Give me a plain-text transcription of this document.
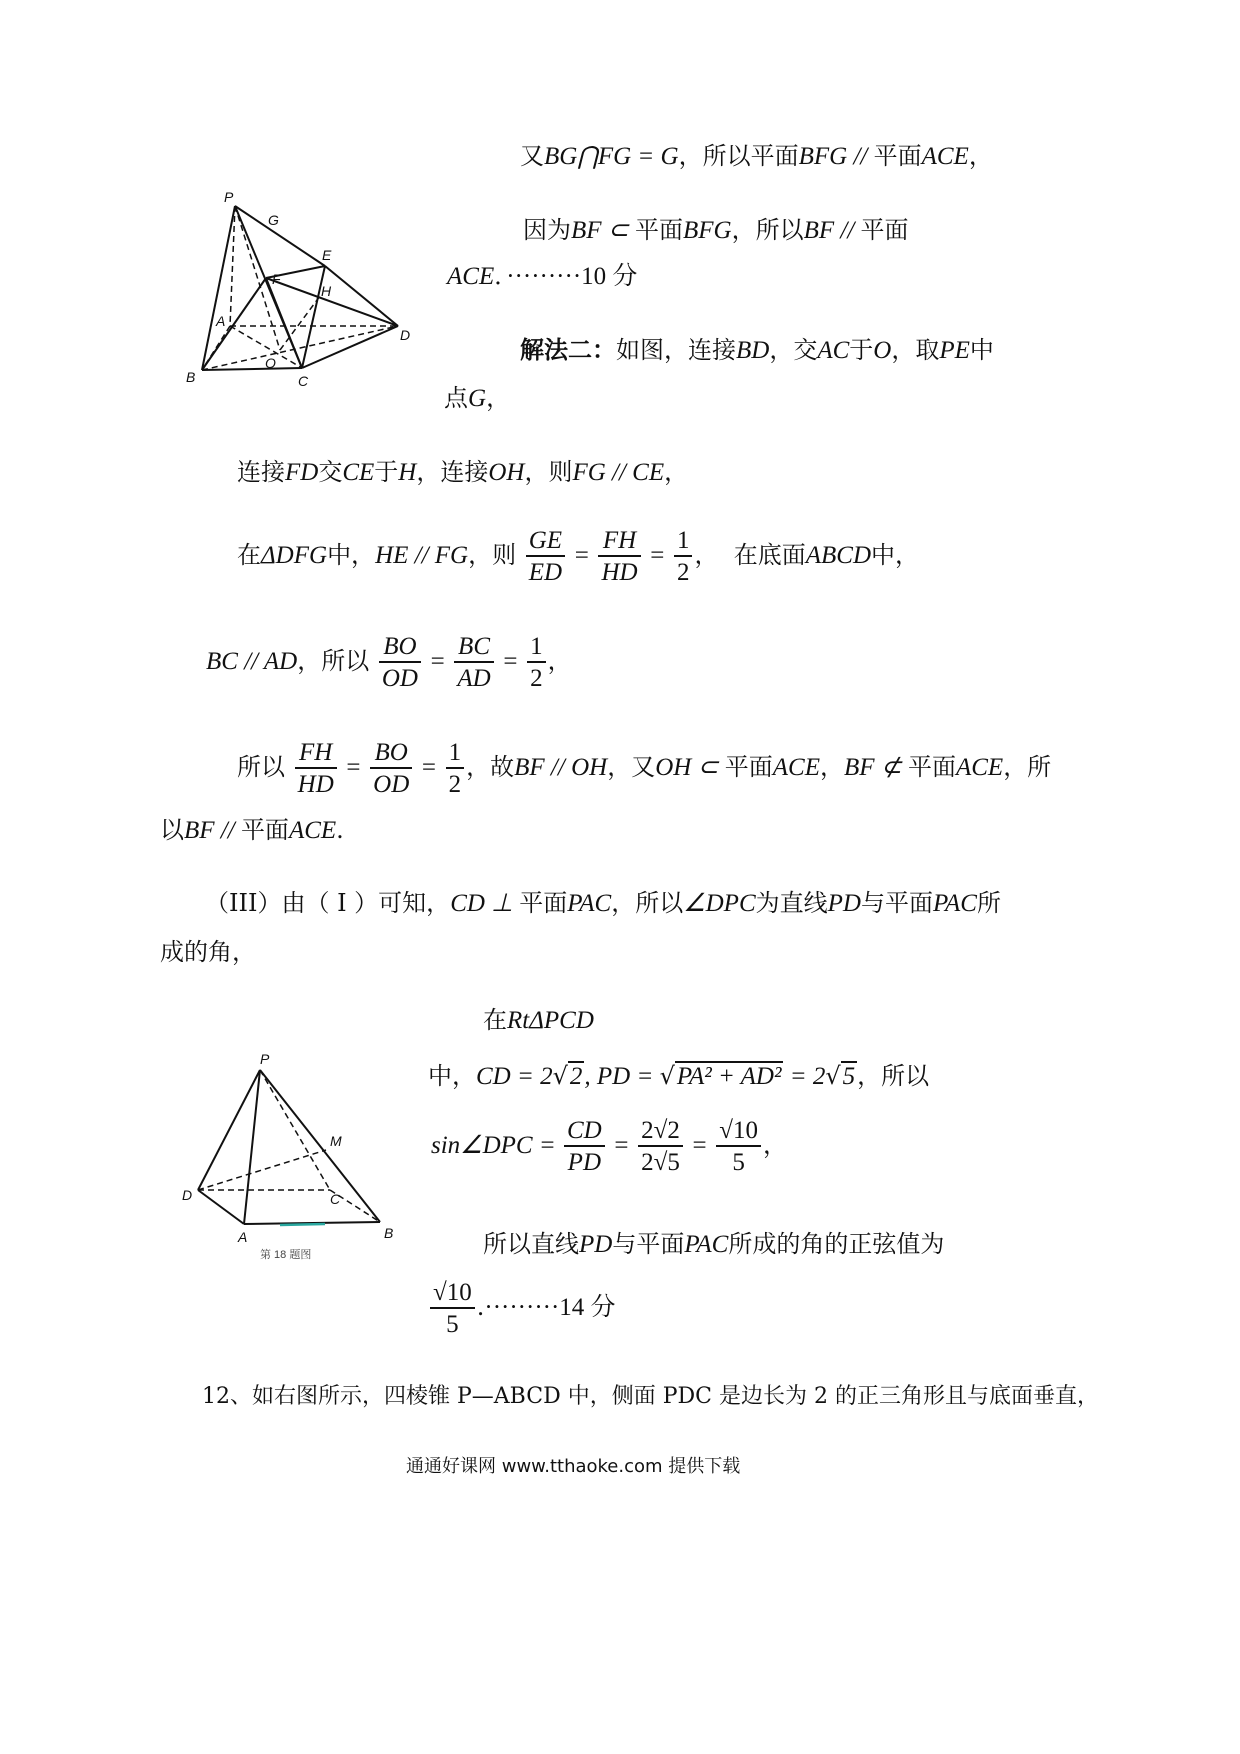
又BG⋂FG = G，所以平面BFG // 平面ACE，
P
G
E
F
H
A
D
O
B	C
因为BF ⊂ 平面BFG，所以BF // 平面
ACE．·········10 分
解法二：如图，连接BD，交AC于O，取PE中
点G，
连接FD交CE于H，连接OH，则FG // CE，
在ΔDFG中，HE // FG，则 $\frac{GE}{ED} = \frac{FH}{HD} = \frac{1}{2}$ ， 在底面ABCD中，
BC // AD，所以 $\frac{BO}{OD} = \frac{BC}{AD} = \frac{1}{2}$ ，
所以 $\frac{FH}{HD} = \frac{BO}{OD} = \frac{1}{2}$ ，故BF // OH，又OH ⊂ 平面ACE，BF ⊄ 平面ACE，所
以BF // 平面ACE.
（III）由（ I ）可知，CD ⊥ 平面PAC，所以∠DPC为直线PD与平面PAC所
成的角，
在RtΔPCD
P
M
D	C
A	B
第 18 题图
中，CD = 2√2, PD = √PA² + AD² = 2√5，所以
sin∠DPC = $\frac{CD}{PD} = \frac{2√2}{2√5} = \frac{√10}{5}$ ，
所以直线PD与平面PAC所成的角的正弦值为
$\frac{√10}{5} .\cdot\cdot\cdot\cdot\cdot\cdot\cdot\cdot\cdot 14$ 分
12、如右图所示，四棱锥 P—ABCD 中，侧面 PDC 是边长为 2 的正三角形且与底面垂直，
通通好课网 www.tthaoke.com 提供下载
